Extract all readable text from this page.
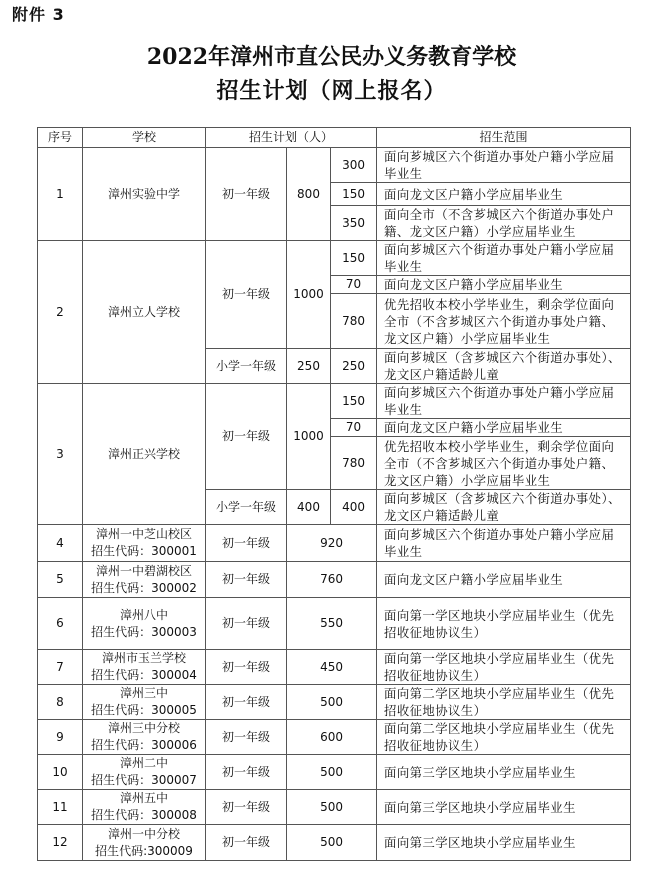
附件 3
2022年漳州市直公民办义务教育学校
招生计划（网上报名）
序号	学校	招生计划（人）			招生范围
1	漳州实验中学	初一年级	800	300	面向芗城区六个街道办事处户籍小学应届毕业生
				150	面向龙文区户籍小学应届毕业生
				350	面向全市（不含芗城区六个街道办事处户籍、龙文区户籍）小学应届毕业生
2	漳州立人学校	初一年级	1000	150	面向芗城区六个街道办事处户籍小学应届毕业生
				70	面向龙文区户籍小学应届毕业生
				780	优先招收本校小学毕业生，剩余学位面向全市（不含芗城区六个街道办事处户籍、龙文区户籍）小学应届毕业生
		小学一年级	250	250	面向芗城区（含芗城区六个街道办事处）、龙文区户籍适龄儿童
3	漳州正兴学校	初一年级	1000	150	面向芗城区六个街道办事处户籍小学应届毕业生
				70	面向龙文区户籍小学应届毕业生
				780	优先招收本校小学毕业生，剩余学位面向全市（不含芗城区六个街道办事处户籍、龙文区户籍）小学应届毕业生
		小学一年级	400	400	面向芗城区（含芗城区六个街道办事处）、龙文区户籍适龄儿童
4	漳州一中芝山校区
招生代码：300001	初一年级	920		面向芗城区六个街道办事处户籍小学应届毕业生
5	漳州一中碧湖校区
招生代码：300002	初一年级	760		面向龙文区户籍小学应届毕业生
6	漳州八中
招生代码：300003	初一年级	550		面向第一学区地块小学应届毕业生（优先招收征地协议生）
7	漳州市玉兰学校
招生代码：300004	初一年级	450		面向第一学区地块小学应届毕业生（优先招收征地协议生）
8	漳州三中
招生代码：300005	初一年级	500		面向第二学区地块小学应届毕业生（优先招收征地协议生）
9	漳州三中分校
招生代码：300006	初一年级	600		面向第二学区地块小学应届毕业生（优先招收征地协议生）
10	漳州二中
招生代码：300007	初一年级	500		面向第三学区地块小学应届毕业生
11	漳州五中
招生代码：300008	初一年级	500		面向第三学区地块小学应届毕业生
12	漳州一中分校
招生代码:300009	初一年级	500		面向第三学区地块小学应届毕业生
